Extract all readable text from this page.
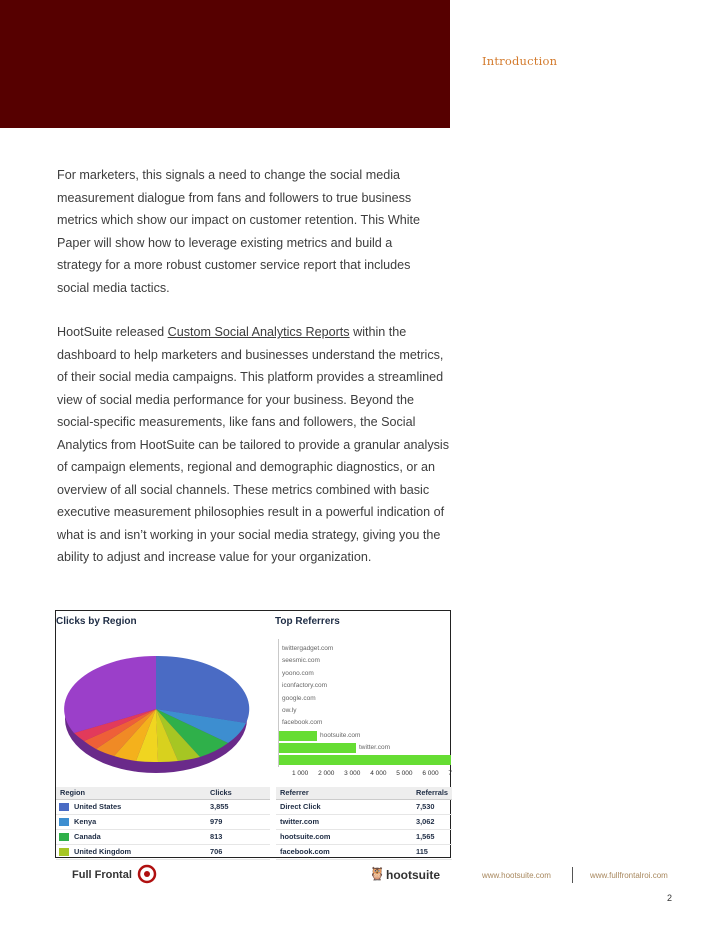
Introduction
For marketers, this signals a need to change the social media
measurement dialogue from fans and followers to true business
metrics which show our impact on customer retention. This White
Paper will show how to leverage existing metrics and build a
strategy for a more robust customer service report that includes
social media tactics.
HootSuite released Custom Social Analytics Reports within the
dashboard to help marketers and businesses understand the metrics,
of their social media campaigns. This platform provides a streamlined
view of social media performance for your business. Beyond the
social-specific measurements, like fans and followers, the Social
Analytics from HootSuite can be tailored to provide a granular analysis
of campaign elements, regional and demographic diagnostics, or an
overview of all social channels. These metrics combined with basic
executive measurement philosophies result in a powerful indication of
what is and isn’t working in your social media strategy, giving you the
ability to adjust and increase value for your organization.
Clicks by Region	Top Referrers
twittergadget.com
seesmic.com
yoono.com
iconfactory.com
google.com
ow.ly
facebook.com
hootsuite.com
twitter.com
1 000 2 000 3 000 4 000 5 000 6 000 7
Region	Clicks
United States	3,855
Kenya	979
Canada	813
United Kingdom	706
Referrer	Referrals
Direct Click	7,530
twitter.com	3,062
hootsuite.com	1,565
facebook.com	115
Full Frontal	🦉 hootsuite	www.hootsuite.com	www.fullfrontalroi.com
2
